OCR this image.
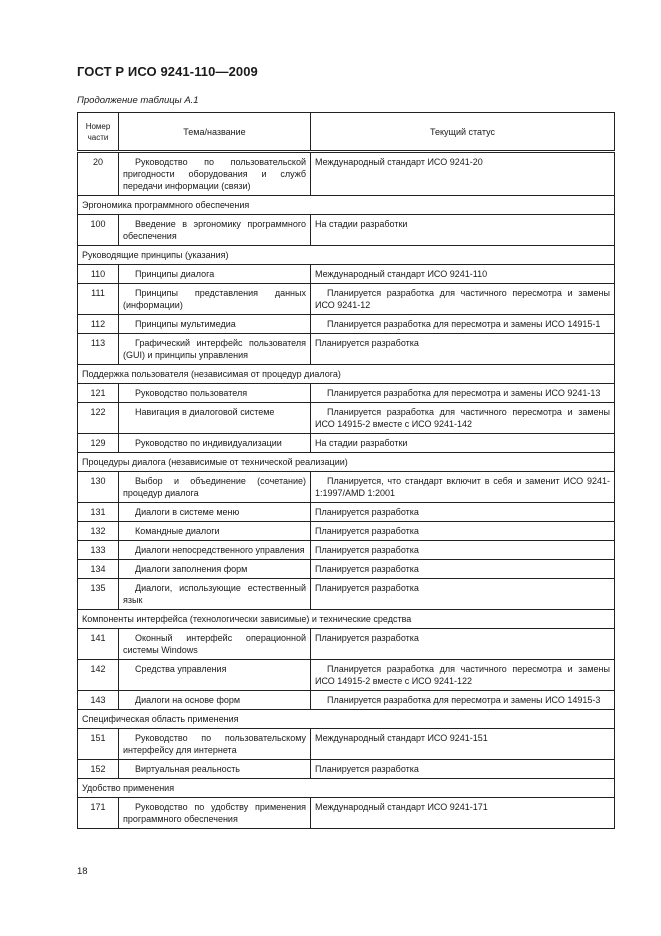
ГОСТ Р ИСО 9241-110—2009
Продолжение таблицы А.1
Номер части	Тема/название	Текущий статус
20	Руководство по пользовательской пригодности оборудования и служб передачи информации (связи)	Международный стандарт ИСО 9241-20
Эргономика программного обеспечения		
100	Введение в эргономику программного обеспечения	На стадии разработки
Руководящие принципы (указания)		
110	Принципы диалога	Международный стандарт ИСО 9241-110
111	Принципы представления данных (информации)	Планируется разработка для частичного пересмотра и замены ИСО 9241-12
112	Принципы мультимедиа	Планируется разработка для пересмотра и замены ИСО 14915-1
113	Графический интерфейс пользователя (GUI) и принципы управления	Планируется разработка
Поддержка пользователя (независимая от процедур диалога)		
121	Руководство пользователя	Планируется разработка для пересмотра и замены ИСО 9241-13
122	Навигация в диалоговой системе	Планируется разработка для частичного пересмотра и замены ИСО 14915-2 вместе с ИСО 9241-142
129	Руководство по индивидуализации	На стадии разработки
Процедуры диалога (независимые от технической реализации)		
130	Выбор и объединение (сочетание) процедур диалога	Планируется, что стандарт включит в себя и заменит ИСО 9241-1:1997/AMD 1:2001
131	Диалоги в системе меню	Планируется разработка
132	Командные диалоги	Планируется разработка
133	Диалоги непосредственного управления	Планируется разработка
134	Диалоги заполнения форм	Планируется разработка
135	Диалоги, использующие естественный язык	Планируется разработка
Компоненты интерфейса (технологически зависимые) и технические средства		
141	Оконный интерфейс операционной системы Windows	Планируется разработка
142	Средства управления	Планируется разработка для частичного пересмотра и замены ИСО 14915-2 вместе с ИСО 9241-122
143	Диалоги на основе форм	Планируется разработка для пересмотра и замены ИСО 14915-3
Специфическая область применения		
151	Руководство по пользовательскому интерфейсу для интернета	Международный стандарт ИСО 9241-151
152	Виртуальная реальность	Планируется разработка
Удобство применения		
171	Руководство по удобству применения программного обеспечения	Международный стандарт ИСО 9241-171
18
